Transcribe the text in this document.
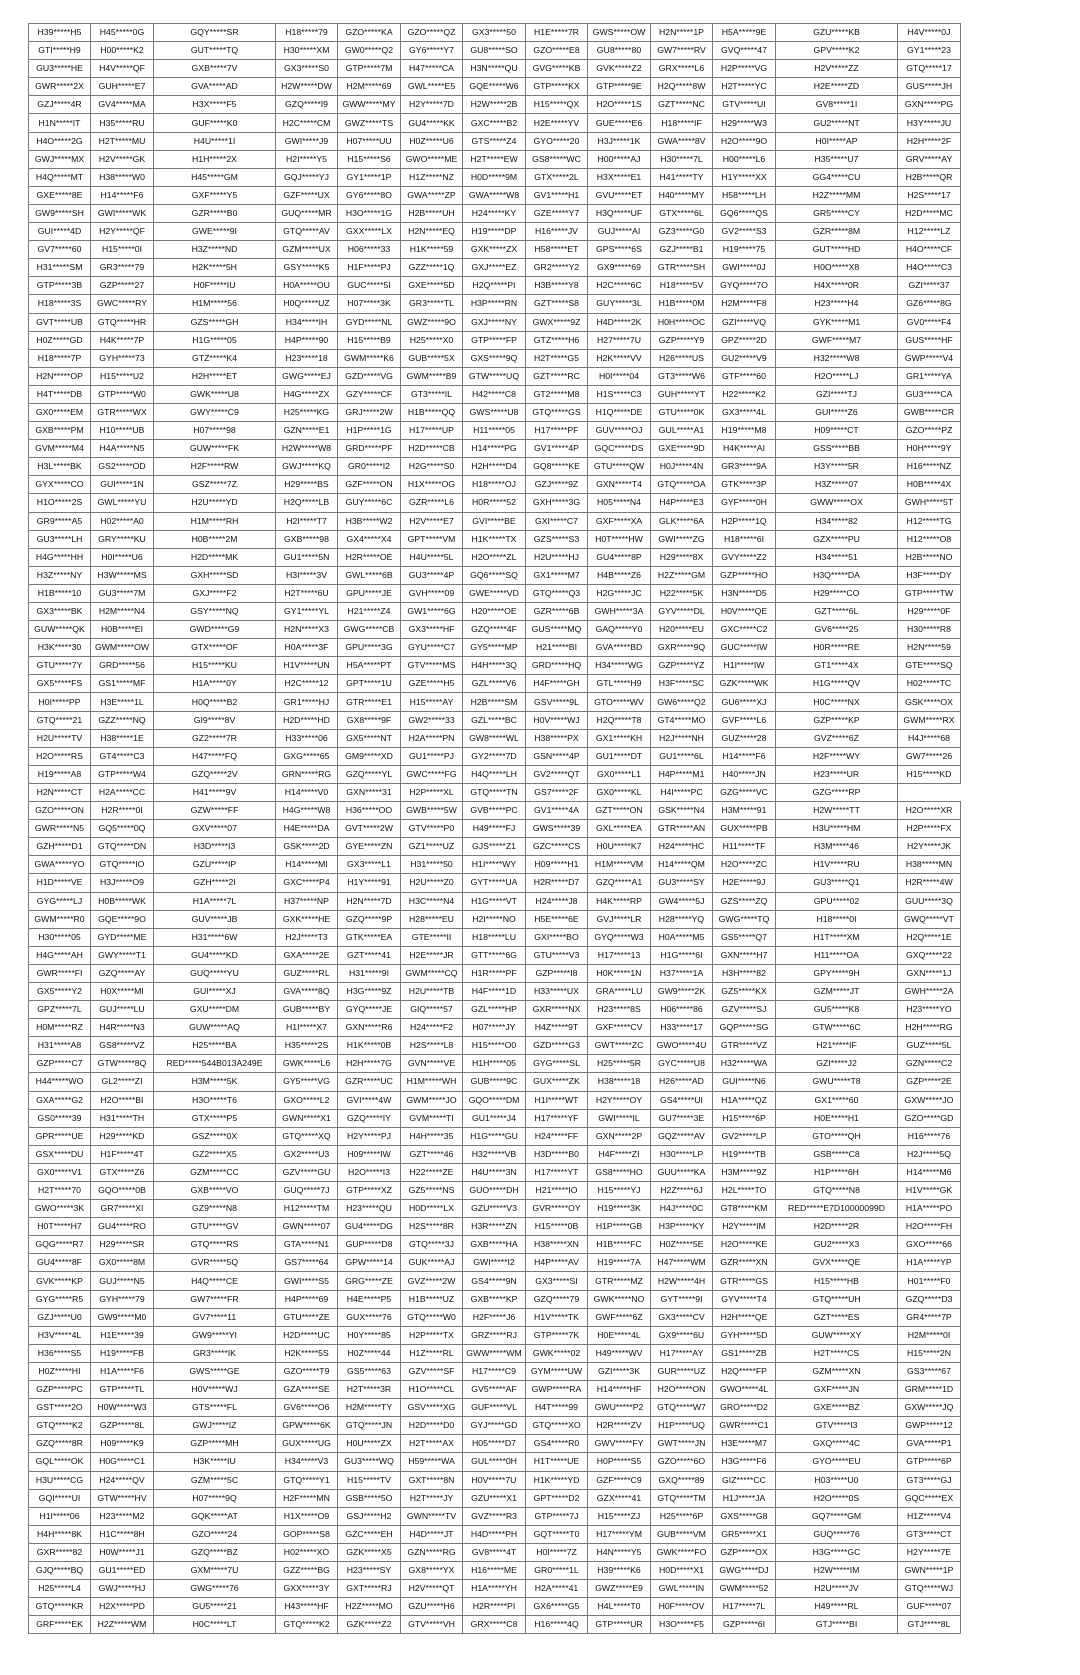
H39*****H5	H45*****0G	GQY*****SR	H18*****79	GZO*****KA	GZO*****QZ	GX3*****50	H1E*****7R	GWS*****OW	H2N*****1P	H5A*****9E	GZU*****KB	H4V*****0J
GTI*****H9	H00*****K2	GUT*****TQ	H30*****XM	GW0*****Q2	GY6*****Y7	GU8*****SO	GZO*****E8	GU8*****80	GW7*****RV	GVQ*****47	GPV*****K2	GY1*****23
GU3*****HE	H4V*****QF	GXB*****7V	GX3*****S0	GTP*****7M	H47*****CA	H3N*****QU	GVG*****KB	GVK*****Z2	GRX*****L6	H2P*****VG	H2V*****ZZ	GTQ*****17
GWR*****2X	GUH*****E7	GVA*****AD	H2W*****DW	H2M*****69	GWL*****E5	GQE*****W6	GTP*****KX	GTP*****9E	H2Q*****8W	H2T*****YC	H2E*****ZD	GUS*****JH
GZJ*****4R	GV4*****MA	H3X*****F5	GZQ*****I9	GWW*****MY	H2Y*****7D	H2W*****2B	H15*****QX	H2O*****1S	GZT*****NC	GTV*****UI	GV8*****1I	GXN*****PG
H1N*****IT	H35*****RU	GUF*****K0	H2C*****CM	GWZ*****TS	GU4*****KK	GXC*****B2	H2E*****YV	GUE*****E6	H18*****IF	H29*****W3	GU2*****NT	H3Y*****JU
H4O*****2G	H2T*****MU	H4U*****1I	GWI*****J9	H07*****UU	H0Z*****U6	GTS*****Z4	GYO*****20	H3J*****1K	GWA*****8V	H2O*****9O	H0I*****AP	H2H*****2F
GWJ*****MX	H2V*****GK	H1H*****2X	H2I*****Y5	H15*****S6	GWO*****ME	H2T*****EW	GS8*****WC	H00*****AJ	H30*****7L	H00*****L6	H35*****U7	GRV*****AY
H4Q*****MT	H38*****W0	H45*****GM	GQJ*****YJ	GY1*****1P	H1Z*****NZ	H0D*****9M	GTX*****2L	H3X*****E1	H41*****TY	H1Y*****XX	GG4*****CU	H2B*****QR
GXE*****8E	H14*****F6	GXF*****Y5	GZF*****UX	GY6*****8O	GWA*****ZP	GWA*****W8	GV1*****H1	GVU*****ET	H40*****MY	H58*****LH	H2Z*****MM	H2S*****17
GW9*****SH	GWI*****WK	GZR*****B0	GUQ*****MR	H3O*****1G	H2B*****UH	H24*****KY	GZE*****Y7	H3Q*****UF	GTX*****6L	GQ6*****QS	GR5*****CY	H2D*****MC
GUI*****4D	H2Y*****QF	GWE*****9I	GTQ*****AV	GXX*****LX	H2N*****EQ	H19*****DP	H16*****JV	GUJ*****AI	GZ3*****G0	GV2*****S3	GZR*****8M	H12*****LZ
GV7*****60	H15*****0I	H3Z*****ND	GZM*****UX	H06*****33	H1K*****59	GXK*****ZX	H58*****ET	GPS*****6S	GZJ*****B1	H19*****75	GUT*****HD	H4O*****CF
H31*****SM	GR3*****79	H2K*****5H	GSY*****K5	H1F*****PJ	GZZ*****1Q	GXJ*****EZ	GR2*****Y2	GX9*****69	GTR*****SH	GWI*****0J	H0O*****X8	H4O*****C3
GTP*****3B	GZP*****27	H0F*****IU	H0A*****OU	GUC*****5I	GXE*****5D	H2Q*****PI	H3B*****Y8	H2C*****6C	H18*****5V	GYQ*****7O	H4X*****0R	GZI*****37
H18*****3S	GWC*****RY	H1M*****56	H0Q*****UZ	H07*****3K	GR3*****TL	H3P*****RN	GZT*****S8	GUY*****3L	H1B*****0M	H2M*****F8	H23*****H4	GZ6*****8G
GVT*****UB	GTQ*****HR	GZS*****GH	H34*****IH	GYD*****NL	GWZ*****9O	GXJ*****NY	GWX*****9Z	H4D*****2K	H0H*****OC	GZI*****VQ	GYK*****M1	GV0*****F4
H0Z*****GD	H4K*****7P	H1G*****05	H4P*****90	H15*****B9	H25*****X0	GTP*****FP	GTZ*****H6	H27*****7U	GZP*****Y9	GPZ*****2D	GWF*****M7	GUS*****HF
H18*****7P	GYH*****73	GTZ*****K4	H23*****18	GWM*****K6	GUB*****5X	GXS*****9Q	H2T*****G5	H2K*****VV	H26*****US	GU2*****V9	H32*****W8	GWP*****V4
H2N*****OP	H15*****U2	H2H*****ET	GWG*****EJ	GZD*****VG	GWM*****B9	GTW*****UQ	GZT*****RC	H0I*****04	GT3*****W6	GTF*****60	H2O*****LJ	GR1*****YA
H4T*****DB	GTP*****W0	GWK*****U8	H4G*****ZX	GZY*****CF	GT3*****IL	H42*****C8	GT2*****M8	H1S*****C3	GUH*****YT	H22*****K2	GZI*****TJ	GU3*****CA
GX0*****EM	GTR*****WX	GWY*****C9	H25*****KG	GRJ*****2W	H1B*****QQ	GWS*****U8	GTQ*****GS	H1Q*****DE	GTU*****0K	GX3*****4L	GUI*****Z6	GWB*****CR
GXB*****PM	H10*****UB	H07*****98	GZN*****E1	H1P*****1G	H17*****UP	H11*****05	H17*****PF	GUV*****OJ	GUL*****A1	H19*****M8	H09*****CT	GZO*****PZ
GVM*****M4	H4A*****N5	GUW*****FK	H2W*****W8	GRD*****PF	H2D*****CB	H14*****PG	GV1*****4P	GQC*****DS	GXE*****9D	H4K*****AI	GSS*****BB	H0H*****9Y
H3L*****BK	GS2*****OD	H2F*****RW	GWJ*****KQ	GR0*****I2	H2G*****S0	H2H*****D4	GQ8*****KE	GTU*****QW	H0J*****4N	GR3*****9A	H3Y*****5R	H16*****NZ
GYX*****CO	GUI*****1N	GSZ*****7Z	H29*****BS	GZF*****ON	H1X*****OG	H18*****OJ	GZJ*****9Z	GXN*****T4	GTQ*****OA	GTK*****3P	H3Z*****07	H0B*****4X
H1O*****2S	GWL*****YU	H2U*****YD	H2Q*****LB	GUY*****6C	GZR*****L6	H0R*****52	GXH*****3G	H05*****N4	H4P*****E3	GYF*****0H	GWW*****OX	GWH*****5T
GR9*****A5	H02*****A0	H1M*****RH	H2I*****T7	H3B*****W2	H2V*****E7	GVI*****BE	GXI*****C7	GXF*****XA	GLK*****6A	H2P*****1Q	H34*****82	H12*****TG
GU3*****LH	GRY*****KU	H0B*****2M	GXB*****98	GX4*****X4	GPT*****VM	H1K*****TX	GZS*****S3	H0T*****HW	GWI*****ZG	H18*****6I	GZX*****PU	H12*****O8
H4G*****HH	H0I*****U6	H2D*****MK	GU1*****5N	H2R*****OE	H4U*****5L	H2O*****ZL	H2U*****HJ	GU4*****8P	H29*****8X	GVY*****Z2	H34*****51	H2B*****NO
H3Z*****NY	H3W*****MS	GXH*****SD	H3I*****3V	GWL*****6B	GU3*****4P	GQ6*****SQ	GX1*****M7	H4B*****Z6	H2Z*****GM	GZP*****HO	H3Q*****DA	H3F*****DY
H1B*****10	GU3*****7M	GXJ*****F2	H2T*****6U	GPU*****JE	GVH*****09	GWE*****VD	GTQ*****Q3	H2G*****JC	H22*****5K	H3N*****D5	H29*****CO	GTP*****TW
GX3*****BK	H2M*****N4	GSY*****NQ	GY1*****YL	H21*****Z4	GW1*****6G	H20*****OE	GZR*****6B	GWH*****3A	GYV*****DL	H0V*****QE	GZT*****6L	H29*****0F
GUW*****QK	H0B*****EI	GWD*****G9	H2N*****X3	GWG*****CB	GX3*****HF	GZQ*****4F	GUS*****MQ	GAQ*****Y0	H20*****EU	GXC*****C2	GV6*****25	H30*****R8
H3K*****30	GWM*****OW	GTX*****OF	H0A*****3F	GPU*****3G	GYU*****C7	GY5*****MP	H21*****BI	GVA*****BD	GXR*****9Q	GUC*****IW	H0R*****RE	H2N*****59
GTU*****7Y	GRD*****56	H15*****KU	H1V*****UN	H5A*****PT	GTV*****MS	H4H*****3Q	GRD*****HQ	H34*****WG	GZP*****YZ	H1I*****IW	GT1*****4X	GTE*****SQ
GX5*****FS	GS1*****MF	H1A*****0Y	H2C*****12	GPT*****1U	GZE*****H5	GZL*****V6	H4F*****GH	GTL*****H9	H3F*****SC	GZK*****WK	H1G*****QV	H02*****TC
H0I*****PP	H3E*****1L	H0Q*****B2	GR1*****HJ	GTR*****E1	H15*****AY	H2B*****SM	GSV*****9L	GTO*****WV	GW6*****Q2	GU6*****XJ	H0C*****NX	GSK*****OX
GTQ*****21	GZZ*****NQ	GI9*****8V	H2D*****HD	GX8*****9F	GW2*****33	GZL*****BC	H0V*****WJ	H2Q*****T8	GT4*****MO	GVF*****L6	GZP*****KP	GWM*****RX
H2U*****TV	H38*****1E	GZ2*****7R	H33*****06	GX5*****NT	H2A*****PN	GW8*****WL	H38*****PX	GX1*****KH	H2J*****NH	GUZ*****28	GVZ*****6Z	H4J*****68
H2O*****RS	GT4*****C3	H47*****FQ	GXG*****65	GM9*****XD	GU1*****PJ	GY2*****7D	GSN*****4P	GU1*****DT	GU1*****6L	H14*****F6	H2F*****WY	GW7*****26
H19*****A8	GTP*****W4	GZQ*****2V	GRN*****RG	GZQ*****YL	GWC*****FG	H4Q*****LH	GV2*****QT	GX0*****L1	H4P*****M1	H40*****JN	H23*****UR	H15*****KD
H2N*****CT	H2A*****CC	H41*****9V	H14*****V0	GXN*****31	H2P*****XL	GTQ*****TN	GS7*****2F	GX0*****KL	H4I*****PC	GZG*****VC	GZG*****RP	
GZO*****ON	H2R*****0I	GZW*****FF	H4G*****W8	H36*****OO	GWB*****5W	GVB*****PC	GV1*****4A	GZT*****ON	GSK*****N4	H3M*****91	H2W*****TT	H2O*****XR
GWR*****N5	GQ5*****0Q	GXV*****07	H4E*****DA	GVT*****2W	GTV*****P0	H49*****FJ	GWS*****39	GXL*****EA	GTR*****AN	GUX*****PB	H3U*****HM	H2P*****FX
GZH*****D1	GTQ*****DN	H3D*****I3	GSK*****2D	GYE*****ZN	GZ1*****UZ	GJS*****Z1	GZC*****CS	H0U*****K7	H24*****HC	H11*****TF	H3M*****46	H2Y*****JK
GWA*****YO	GTQ*****IO	GZU*****IP	H14*****MI	GX3*****L1	H31*****50	H1I*****WY	H09*****H1	H1M*****VM	H14*****QM	H2O*****ZC	H1V*****RU	H38*****MN
H1D*****VE	H3J*****O9	GZH*****2I	GXC*****P4	H1Y*****91	H2U*****Z0	GYT*****UA	H2R*****D7	GZQ*****A1	GU3*****SY	H2E*****9J	GU3*****Q1	H2R*****4W
GYG*****LJ	H0B*****WK	H1A*****7L	H37*****NP	H2N*****7D	H3C*****N4	H1G*****VT	H24*****J8	H4K*****RP	GW4*****5J	GZS*****ZQ	GPU*****02	GUU*****3Q
GWM*****R0	GQE*****9O	GUV*****JB	GXK*****HE	GZQ*****9P	H28*****EU	H2I*****NO	H5E*****6E	GVJ*****LR	H28*****YQ	GWG*****TQ	H18*****0I	GWQ*****VT
H30*****05	GYD*****ME	H31*****6W	H2J*****T3	GTK*****EA	GTE*****II	H18*****LU	GXI*****BO	GYQ*****W3	H0A*****M5	GS5*****Q7	H1T*****XM	H2Q*****1E
H4G*****AH	GWY*****T1	GU4*****KD	GXA*****2E	GZT*****41	H2E*****JR	GTT*****6G	GTU*****V3	H17*****13	H1G*****6I	GXN*****H7	H11*****OA	GXQ*****22
GWR*****FI	GZQ*****AY	GUQ*****YU	GUZ*****RL	H31*****9I	GWM*****CQ	H1R*****PF	GZP*****I8	H0K*****1N	H37*****1A	H3H*****82	GPY*****9H	GXN*****1J
GX5*****Y2	H0X*****MI	GUI*****XJ	GVA*****8Q	H3G*****9Z	H2U*****TB	H4F*****1D	H33*****UX	GRA*****LU	GW9*****2K	GZ5*****KX	GZM*****JT	GWH*****2A
GPZ*****7L	GUJ*****LU	GXU*****DM	GUB*****BY	GYQ*****JE	GIQ*****57	GZL*****HP	GXR*****NX	H23*****8S	H06*****86	GZV*****SJ	GU5*****K8	H23*****YO
H0M*****RZ	H4R*****N3	GUW*****AQ	H1I*****X7	GXN*****R6	H24*****F2	H07*****JY	H4Z*****9T	GXF*****CV	H33*****17	GQP*****SG	GTW*****6C	H2H*****RG
H31*****A8	GS8*****VZ	H25*****BA	H35*****2S	H1K*****0B	H2S*****L8	H15*****O0	GZD*****G3	GWT*****ZC	GWO*****4U	GTR*****VZ	H21*****IF	GUZ*****5L
GZP*****C7	GTW*****8Q	RED*****544B013A249E	GWK*****L6	H2H*****7G	GVN*****VE	H1H*****05	GYG*****SL	H25*****5R	GYC*****U8	H32*****WA	GZI*****J2	GZN*****C2
H44*****WO	GL2*****ZI	H3M*****5K	GY5*****VG	GZR*****UC	H1M*****WH	GUB*****9C	GUX*****ZK	H38*****18	H26*****AD	GUI*****N6	GWU*****T8	GZP*****2E
GXA*****G2	H2O*****BI	H3O*****T6	GXO*****L2	GVI*****4W	GWM*****JO	GQO*****DM	H1I*****WT	H2Y*****OY	GS4*****UI	H1A*****QZ	GX1*****60	GXW*****JO
GS0*****39	H31*****TH	GTX*****P5	GWN*****X1	GZQ*****IY	GVM*****TI	GU1*****J4	H17*****YF	GWI*****IL	GU7*****3E	H15*****6P	H0E*****H1	GZO*****GD
GPR*****UE	H29*****KD	GSZ*****0X	GTQ*****XQ	H2Y*****PJ	H4H*****35	H1G*****GU	H24*****FF	GXN*****2P	GQZ*****AV	GV2*****LP	GTO*****QH	H16*****76
GSX*****DU	H1F*****4T	GZ2*****X5	GX2*****U3	H09*****IW	GZT*****46	H32*****VB	H3D*****B0	H4F*****ZI	H30*****LP	H19*****TB	GSB*****C8	H2J*****5Q
GX0*****V1	GTX*****Z6	GZM*****CC	GZV*****GU	H2O*****I3	H22*****ZE	H4U*****3N	H17*****YT	GS8*****HO	GUU*****KA	H3M*****9Z	H1P*****6H	H14*****M6
H2T*****70	GQO*****0B	GXB*****VO	GUQ*****7J	GTP*****XZ	GZ5*****NS	GUO*****DH	H21*****IO	H15*****YJ	H2Z*****6J	H2L*****TO	GTQ*****N8	H1V*****GK
GWO*****3K	GR7*****XI	GZ9*****N8	H12*****TM	H23*****QU	H0D*****LX	GZU*****V3	GVR*****OY	H19*****3K	H4J*****0C	GT8*****KM	RED*****E7D10000099D	H1A*****PO
H0T*****H7	GU4*****RO	GTU*****GV	GWN*****07	GU4*****DG	H2S*****8R	H3R*****ZN	H15*****0B	H1P*****GB	H3P*****KY	H2Y*****IM	H2D*****2R	H2O*****FH
GQG*****R7	H29*****SR	GTQ*****RS	GTA*****N1	GUP*****D8	GTQ*****3J	GXB*****HA	H38*****XN	H1B*****FC	H0Z*****5E	H2O*****KE	GU2*****X3	GXO*****66
GU4*****8F	GX0*****8M	GVR*****5Q	GS7*****64	GPW*****14	GUK*****AJ	GWI*****I2	H4P*****AV	H19*****7A	H47*****WM	GZR*****XN	GVX*****QE	H1A*****YP
GVK*****KP	GUJ*****N5	H4Q*****CE	GWI*****S5	GRG*****ZE	GVZ*****2W	GS4*****9N	GX3*****SI	GTR*****MZ	H2W*****4H	GTR*****GS	H15*****HB	H01*****F0
GYG*****R5	GYH*****79	GW7*****FR	H4P*****69	H4E*****P5	H1B*****UZ	GXB*****KP	GZQ*****79	GWK*****NO	GYT*****9I	GYV*****T4	GTQ*****UH	GZQ*****D3
GZJ*****U0	GW9*****M0	GV7*****11	GTU*****ZE	GUX*****76	GTQ*****W0	H2F*****J6	H1V*****TK	GWF*****6Z	GX3*****CV	H2H*****QE	GZT*****ES	GR4*****7P
H3V*****4L	H1E*****39	GW9*****YI	H2D*****UC	H0Y*****85	H2P*****TX	GRZ*****RJ	GTP*****7K	H0E*****4L	GX9*****6U	GYH*****5D	GUW*****XY	H2M*****0I
H36*****S5	H19*****FB	GR3*****IK	H2K*****5S	H0Z*****44	H1Z*****RL	GWW*****WM	GWK*****02	H49*****WV	H17*****AY	GS1*****ZB	H2T*****CS	H15*****2N
H0Z*****HI	H1A*****F6	GWS*****GE	GZO*****T9	GS5*****63	GZV*****SF	H17*****C9	GYM*****UW	GZI*****3K	GUR*****UZ	H2Q*****FP	GZM*****XN	GS3*****67
GZP*****PC	GTP*****TL	H0V*****WJ	GZA*****SE	H2T*****3R	H1O*****CL	GV5*****AF	GWP*****RA	H14*****HF	H2O*****ON	GWO*****4L	GXF*****JN	GRM*****1D
GST*****2O	H0W*****W3	GTS*****FL	GV6*****O6	H2M*****TY	GSV*****XG	GUF*****VL	H4T*****99	GWU*****P2	GTQ*****W7	GRO*****D2	GXE*****BZ	GXW*****JQ
GTQ*****K2	GZP*****8L	GWJ*****IZ	GPW*****6K	GTQ*****JN	H2D*****D0	GYJ*****GD	GTQ*****XO	H2R*****ZV	H1P*****UQ	GWR*****C1	GTV*****I3	GWP*****12
GZQ*****8R	H09*****K9	GZP*****MH	GUX*****UG	H0U*****ZX	H2T*****AX	H05*****D7	GS4*****R0	GWV*****FY	GWT*****JN	H3E*****M7	GXQ*****4C	GVA*****P1
GQL*****OK	H0G*****C1	H3K*****IU	H34*****V3	GU3*****WQ	H59*****WA	GUL*****0H	H1T*****UE	H0P*****S5	GZO*****6O	H3G*****F6	GYO*****EU	GTP*****6P
H3U*****CG	H24*****QV	GZM*****5C	GTQ*****Y1	H15*****TV	GXT*****8N	H0V*****7U	H1K*****YD	GZF*****C9	GXQ*****89	GIZ*****CC	H03*****U0	GT3*****GJ
GQI*****UI	GTW*****HV	H07*****9Q	H2F*****MN	GSB*****5O	H2T*****JY	GZU*****X1	GPT*****D2	GZX*****41	GTQ*****TM	H1J*****JA	H2O*****0S	GQC*****EX
H1I*****06	H23*****M2	GQK*****AT	H1X*****O9	GSJ*****H2	GWN*****TV	GVZ*****R3	GTP*****7J	H15*****ZJ	H25*****6P	GXS*****G8	GQ7*****GM	H1Z*****V4
H4H*****8K	H1C*****8H	GZO*****24	GOP*****S8	GZC*****EH	H4D*****JT	H4D*****PH	GQT*****T0	H17*****YM	GUB*****VM	GR5*****X1	GUQ*****76	GT3*****CT
GXR*****82	H0W*****J1	GZQ*****BZ	H02*****XO	GZK*****X5	GZN*****RG	GV8*****4T	H0I*****7Z	H4N*****Y5	GWK*****FO	GZP*****OX	H3G*****GC	H2Y*****7E
GJQ*****BQ	GU1*****ED	GXM*****7U	GZZ*****BG	H23*****SY	GX8*****YX	H16*****ME	GR0*****1L	H39*****K6	H0D*****X1	GWG*****DJ	H2W*****IM	GWN*****1P
H25*****L4	GWJ*****HJ	GWG*****76	GXX*****3Y	GXT*****RJ	H2V*****QT	H1A*****YH	H2A*****41	GWZ*****E9	GWL*****IN	GWM*****52	H2U*****JV	GTQ*****WJ
GTQ*****KR	H2X*****PD	GU5*****21	H43*****HF	H2Z*****MO	GZU*****H6	H2R*****PI	GX6*****G5	H4L*****T0	H0F*****OV	H17*****7L	H49*****RL	GUF*****07
GRF*****EK	H2Z*****WM	H0C*****LT	GTQ*****K2	GZK*****Z2	GTV*****VH	GRX*****C8	H16*****4Q	GTP*****UR	H3O*****F5	GZP*****6I	GTJ*****BI	GTJ*****8L
